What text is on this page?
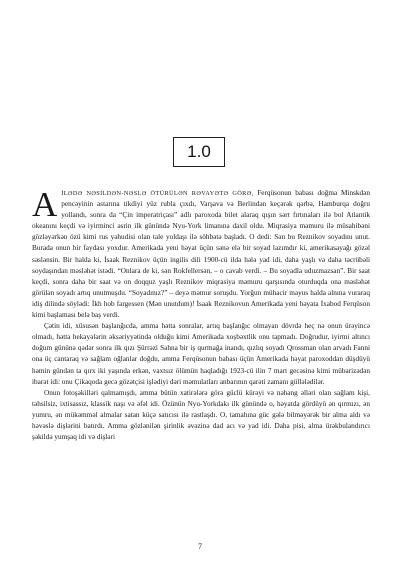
1.0

AİLƏDƏ NƏSİLDƏN-NƏSLƏ ÖTÜRÜLƏN RƏVAYƏTƏ GÖRƏ, Ferqüsonun babası doğma Minskdən pencəyinin astarına tikdiyi yüz rubla çıxdı, Varşava və Berlindən keçərək qərbə, Hamburqa doğru yollandı, sonra da “Çin imperatriçası” adlı paroxoda bilet alaraq qışın sərt fırtınaları ilə bol Atlantik okeanını keçdi və iyirminci əsrin ilk günündə Nyu-York limanına daxil oldu. Miqrasiya məmuru ilə müsahibəni gözləyərkən özü kimi rus yəhudisi olan tale yoldaşı ilə söhbətə başladı. O dedi: Sən bu Reznikov soyadını unut. Burada onun bir faydası yoxdur. Amerikada yeni həyat üçün sənə elə bir soyad lazımdır ki, amerikasayağı gözəl səslənsin. Bir halda ki, İsaak Reznikov üçün ingilis dili 1900-cü ildə hələ yad idi, daha yaşlı və daha təcrübəli soydaşından məsləhət istədi. “Onlara de ki, sən Rokfellersən, – o cavab verdi. – Bu soyadla uduzmazsan”. Bir saat keçdi, sonra daha bir saat və on doqquz yaşlı Reznikov miqrasiya məmuru qarşısında oturduqda ona məsləhət görülən soyadı artıq unutmuşdu. “Soyadınız?” – deyə məmur soruşdu. Yorğun mühacir məyus halda alnına vuraraq idiş dilində söylədi: İkh hob fargessen (Mən unutdum)! İsaak Reznikovun Amerikada yeni həyata İxabod Ferqüson kimi başlaması belə baş verdi.

Çətin idi, xüsusən başlanğıcda, amma hətta sonralar, artıq başlanğıc olmayan dövrdə heç nə onun ürəyincə olmadı, hətta hekayələrin əksəriyyətində olduğu kimi Amerikada xoşbəxtlik onu tapmadı. Doğrudur, iyirmi altıncı doğum gününə qədər sonra ilk qızı Şürrəzi Səhna bir iş qurmağa inandı, qızlıq soyadı Qrossman olan arvadı Fanni ona üç cantaraq və sağlam oğlanlar doğdu, amma Ferqüsonun babası üçün Amerikada həyat paroxoddan düşdüyü həmin gündən ta qırx iki yaşında erkən, vaxtsız ölümün haqladığı 1923-cü ilin 7 mart gecəsinə kimi mübarizədən ibarət idi: onu Çikaqoda gecə gözətçisi işlədiyi dəri məmulatları anbarının qarəti zamanı güllələdilər.

Onun fotoşəkilləri qalmamışdı, amma bütün xatirələrə görə güclü kürəyi və nəhəng əlləri olan sağlam kişi, təhsilsiz, ixtisassız, klassik naşı və əfəl idi. Özünün Nyu-Yorkdakı ilk günündə o, həyatda gördüyü ən qırmızı, ən yumru, ən mükəmməl almalar satan küçə satıcısı ilə rastlaşdı. O, tamahına güc gələ bilməyərək bir alma aldı və həvəslə dişlərini batırdı. Amma gözlənilən şirinlik əvəzinə dad acı və yad idi. Daha pisi, alma ürəkbulandırıcı şəkildə yumşaq idi və dişləri

7
